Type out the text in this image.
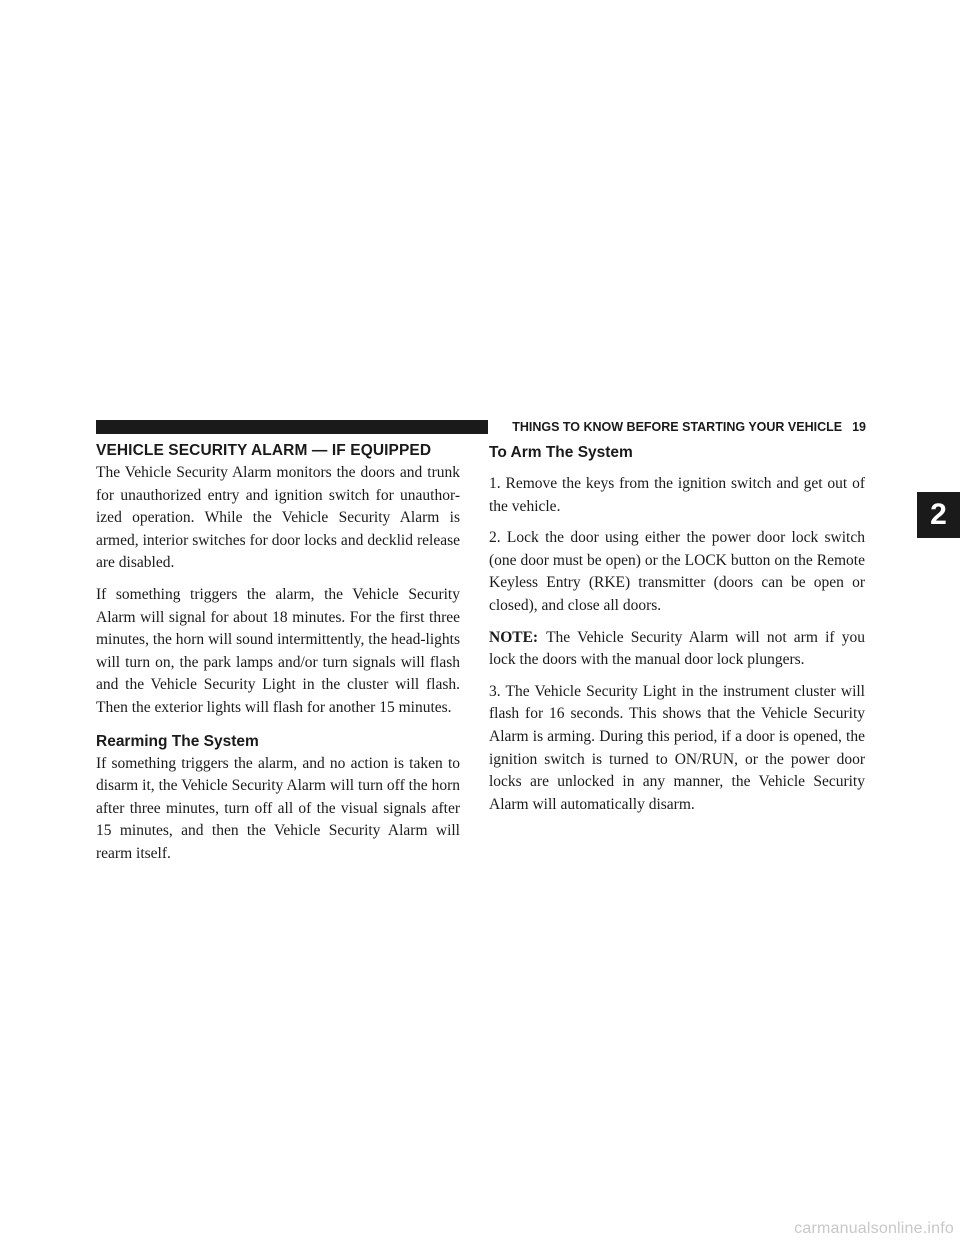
THINGS TO KNOW BEFORE STARTING YOUR VEHICLE 19
VEHICLE SECURITY ALARM — IF EQUIPPED

The Vehicle Security Alarm monitors the doors and trunk for unauthorized entry and ignition switch for unauthor-ized operation. While the Vehicle Security Alarm is armed, interior switches for door locks and decklid release are disabled.

If something triggers the alarm, the Vehicle Security Alarm will signal for about 18 minutes. For the first three minutes, the horn will sound intermittently, the head-lights will turn on, the park lamps and/or turn signals will flash and the Vehicle Security Light in the cluster will flash. Then the exterior lights will flash for another 15 minutes.

Rearming The System

If something triggers the alarm, and no action is taken to disarm it, the Vehicle Security Alarm will turn off the horn after three minutes, turn off all of the visual signals after 15 minutes, and then the Vehicle Security Alarm will rearm itself.

To Arm The System

1. Remove the keys from the ignition switch and get out of the vehicle.

2. Lock the door using either the power door lock switch (one door must be open) or the LOCK button on the Remote Keyless Entry (RKE) transmitter (doors can be open or closed), and close all doors.

NOTE: The Vehicle Security Alarm will not arm if you lock the doors with the manual door lock plungers.

3. The Vehicle Security Light in the instrument cluster will flash for 16 seconds. This shows that the Vehicle Security Alarm is arming. During this period, if a door is opened, the ignition switch is turned to ON/RUN, or the power door locks are unlocked in any manner, the Vehicle Security Alarm will automatically disarm.

2
carmanualsonline.info
